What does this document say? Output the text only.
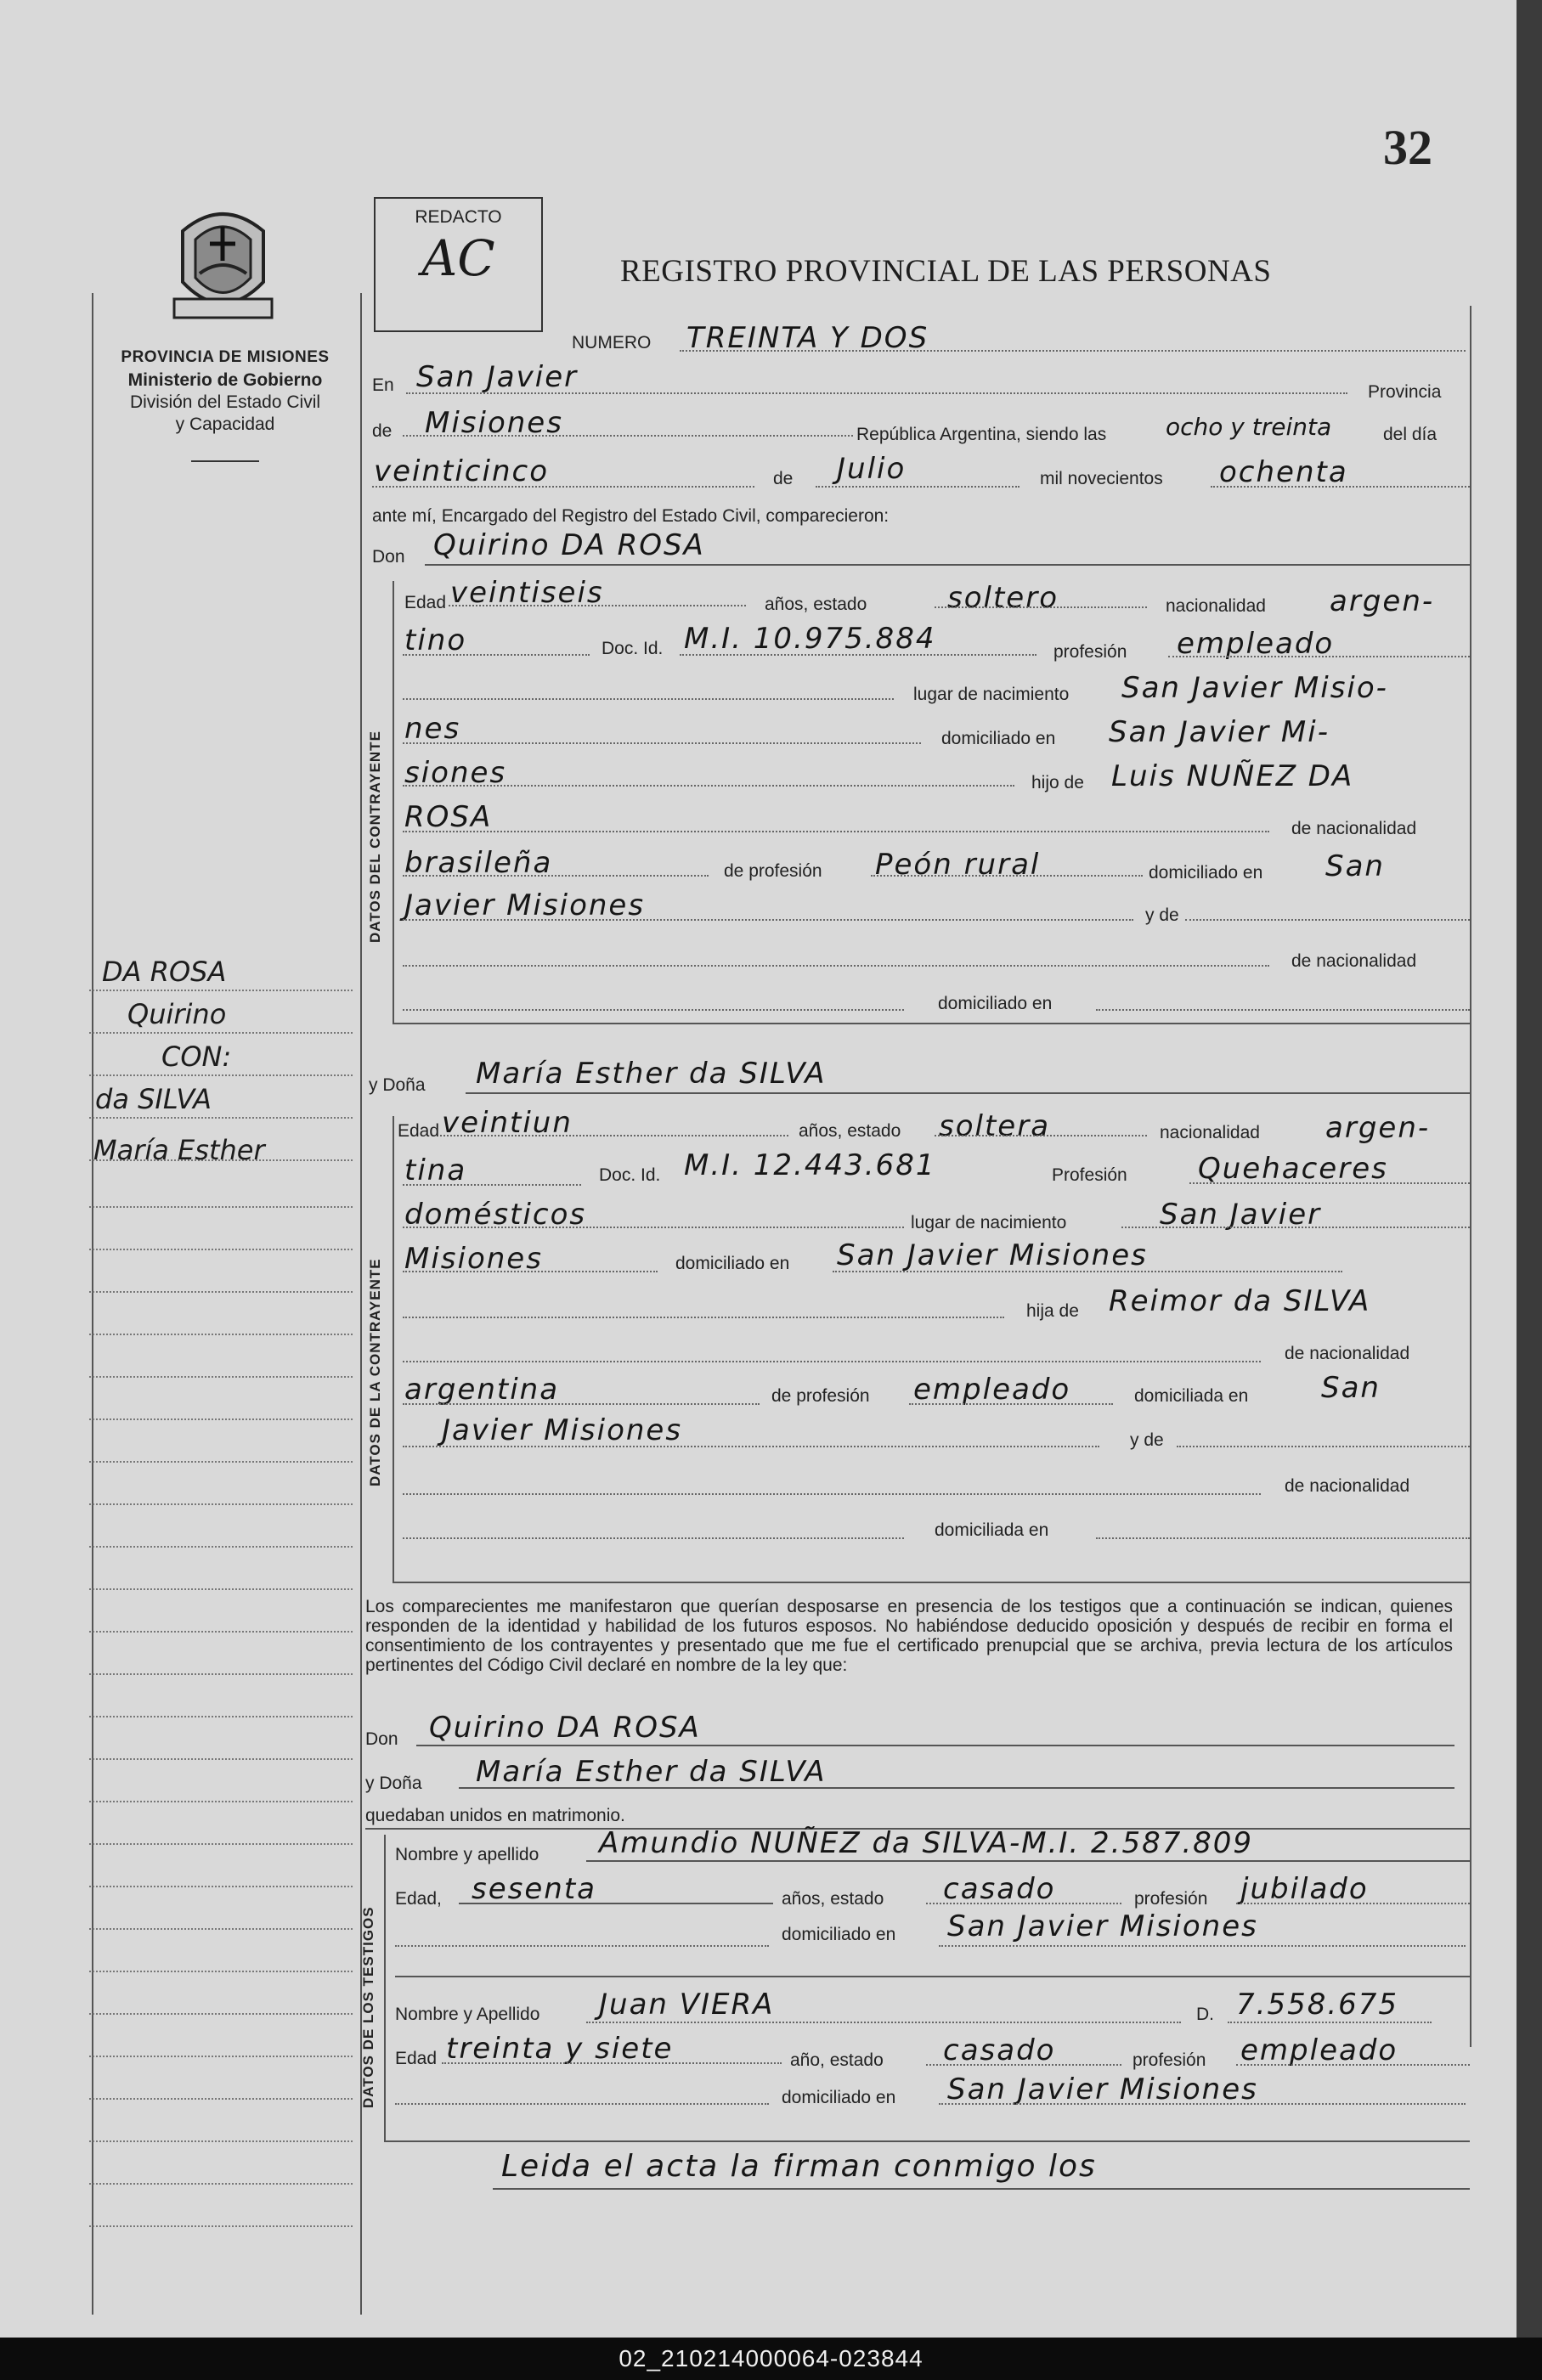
32
PROVINCIA DE MISIONES
Ministerio de Gobierno
División del Estado Civil
y Capacidad
DA ROSA
Quirino
CON:
da SILVA
María Esther
REDACTO
AC	REGISTRO PROVINCIAL DE LAS PERSONAS
NUMERO TREINTA Y DOS
En San Javier	Provincia
de Misiones	República Argentina, siendo las ocho y treinta	del día
veinticinco	de Julio	mil novecientos ochenta
ante mí, Encargado del Registro del Estado Civil, comparecieron:
Don Quirino DA ROSA
DATOS DEL CONTRAYENTE
Edad veintiseis	años, estado	soltero	nacionalidad argen-
tino	Doc. Id. M.I. 10.975.884	profesión empleado
lugar de nacimiento San Javier Misio-
nes	domiciliado en San Javier Mi-
siones	hijo de Luis NUÑEZ DA
ROSA	de nacionalidad
brasileña	de profesión Peón rural	domiciliado en San
Javier Misiones	y de
de nacionalidad
domiciliado en
y Doña María Esther da SILVA
DATOS DE LA CONTRAYENTE
Edad veintiun	años, estado soltera	nacionalidad argen-
tina	Doc. Id. M.I. 12.443.681	Profesión Quehaceres
domésticos	lugar de nacimiento	San Javier
Misiones	domiciliado en San Javier Misiones
hija de Reimor da SILVA
de nacionalidad
argentina	de profesión empleado	domiciliada en	San
Javier Misiones	y de
de nacionalidad
domiciliada en
Los comparecientes me manifestaron que querían desposarse en presencia de los testigos que a continuación se indican, quienes responden de la identidad y habilidad de los futuros esposos. No habiéndose deducido oposición y después de recibir en forma el consentimiento de los contrayentes y presentado que me fue el certificado prenupcial que se archiva, previa lectura de los artículos pertinentes del Código Civil declaré en nombre de la ley que:
Don Quirino DA ROSA
y Doña María Esther da SILVA
quedaban unidos en matrimonio.
DATOS DE LOS TESTIGOS
Nombre y apellido Amundio NUÑEZ da SILVA-M.I. 2.587.809
Edad, sesenta	años, estado casado	profesión jubilado
domiciliado en San Javier Misiones
Nombre y Apellido Juan VIERA	D. 7.558.675
Edad treinta y siete	año, estado casado	profesión empleado
domiciliado en San Javier Misiones
Leida el acta la firman conmigo los
02_210214000064-023844
